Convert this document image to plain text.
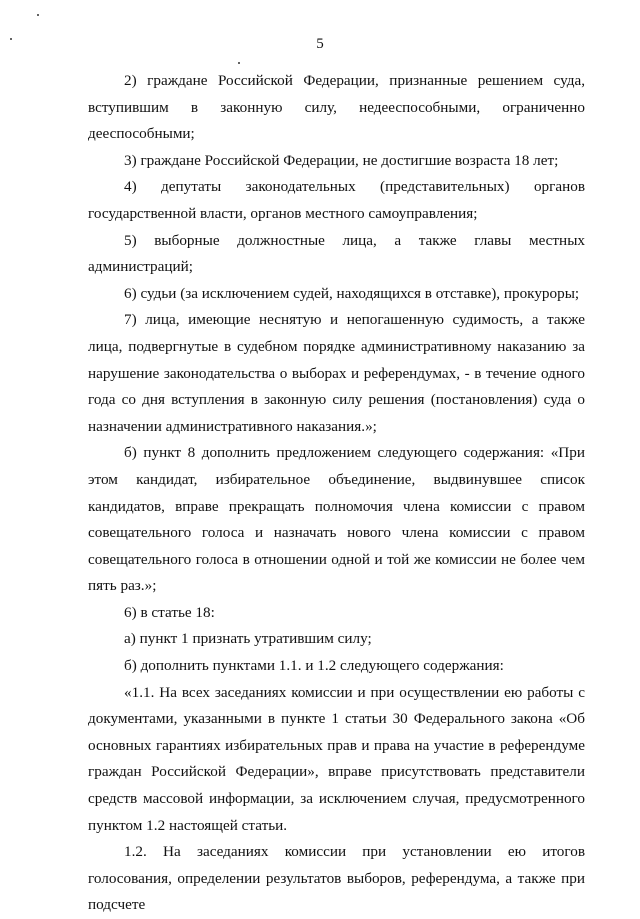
5

2) граждане Российской Федерации, признанные решением суда, вступившим в законную силу, недееспособными, ограниченно дееспособными;

3) граждане Российской Федерации, не достигшие возраста 18 лет;

4) депутаты законодательных (представительных) органов государственной власти, органов местного самоуправления;

5) выборные должностные лица, а также главы местных администраций;

6) судьи (за исключением судей, находящихся в отставке), прокуроры;

7) лица, имеющие неснятую и непогашенную судимость, а также лица, подвергнутые в судебном порядке административному наказанию за нарушение законодательства о выборах и референдумах, - в течение одного года со дня вступления в законную силу решения (постановления) суда о назначении административного наказания.»;

б) пункт 8 дополнить предложением следующего содержания: «При этом кандидат, избирательное объединение, выдвинувшее список кандидатов, вправе прекращать полномочия члена комиссии с правом совещательного голоса и назначать нового члена комиссии с правом совещательного голоса в отношении одной и той же комиссии не более чем пять раз.»;

6) в статье 18:

а) пункт 1 признать утратившим силу;

б) дополнить пунктами 1.1. и 1.2 следующего содержания:

«1.1. На всех заседаниях комиссии и при осуществлении ею работы с документами, указанными в пункте 1 статьи 30 Федерального закона «Об основных гарантиях избирательных прав и права на участие в референдуме граждан Российской Федерации», вправе присутствовать представители средств массовой информации, за исключением случая, предусмотренного пунктом 1.2 настоящей статьи.

1.2. На заседаниях комиссии при установлении ею итогов голосования, определении результатов выборов, референдума, а также при подсчете
